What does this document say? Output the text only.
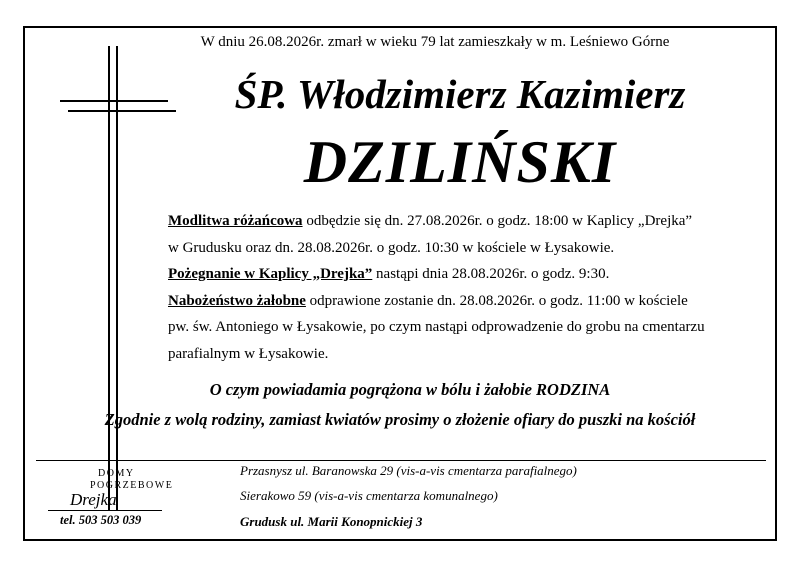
W dniu 26.08.2026r. zmarł w wieku 79 lat zamieszkały w m. Leśniewo Górne
ŚP. Włodzimierz Kazimierz
DZILIŃSKI

Modlitwa różańcowa odbędzie się dn. 27.08.2026r. o godz. 18:00 w Kaplicy „Drejka”

w Grudusku oraz dn. 28.08.2026r. o godz. 10:30 w kościele w Łysakowie.

Pożegnanie w Kaplicy „Drejka” nastąpi dnia 28.08.2026r. o godz. 9:30.

Nabożeństwo żałobne odprawione zostanie dn. 28.08.2026r. o godz. 11:00 w kościele

pw. św. Antoniego w Łysakowie, po czym nastąpi odprowadzenie do grobu na cmentarzu

parafialnym w Łysakowie.

O czym powiadamia pogrążona w bólu i żałobie RODZINA
Zgodnie z wolą rodziny, zamiast kwiatów prosimy o złożenie ofiary do puszki na kościół
DOMY
POGRZEBOWE
Drejka
tel. 503 503 039
Przasnysz ul. Baranowska 29 (vis-a-vis cmentarza parafialnego)
Sierakowo 59 (vis-a-vis cmentarza komunalnego)
Grudusk ul. Marii Konopnickiej 3
